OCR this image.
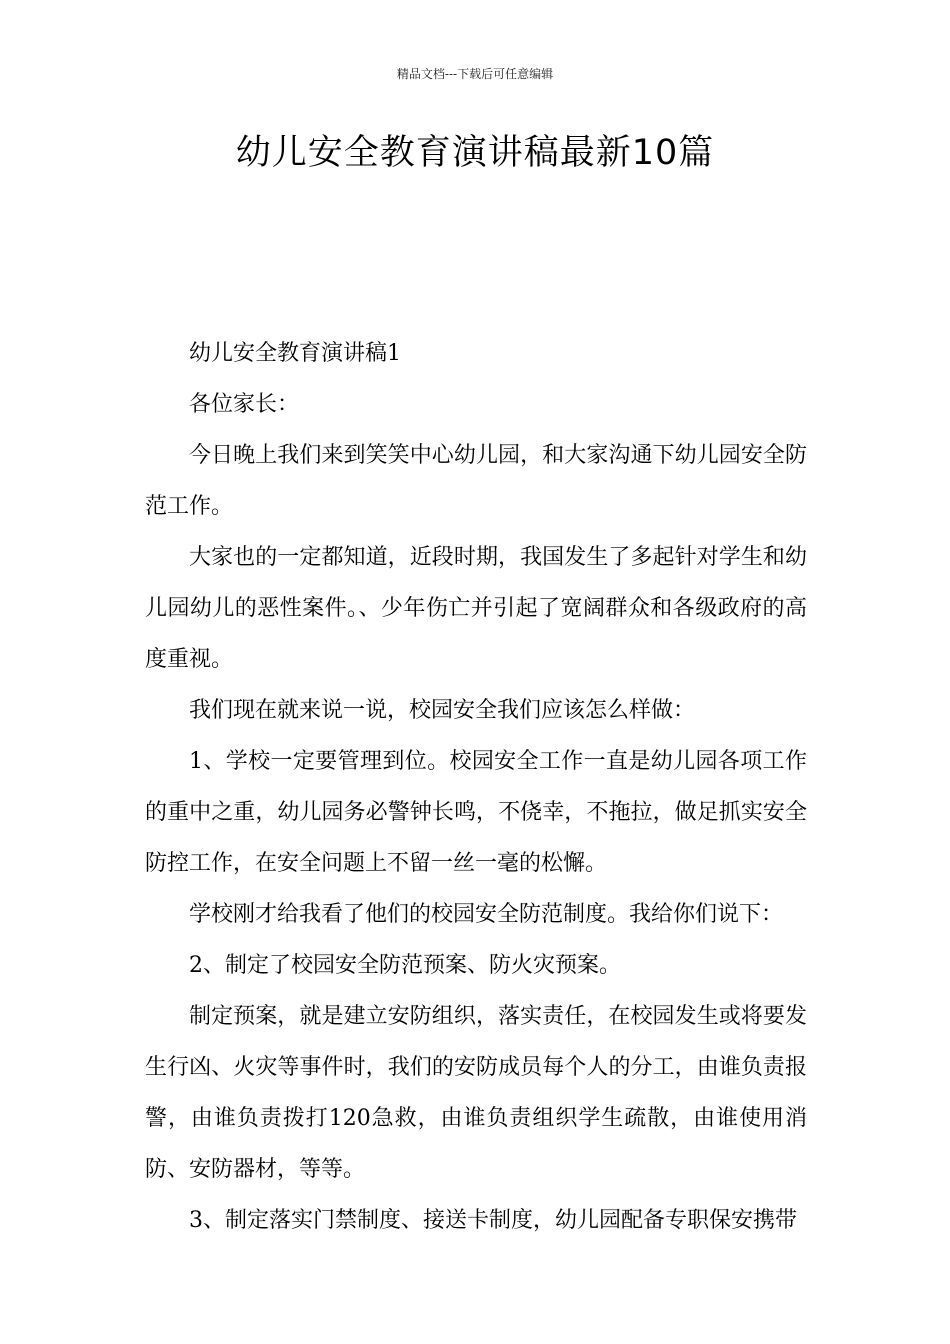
精品文档---下载后可任意编辑
幼儿安全教育演讲稿最新10篇

幼儿安全教育演讲稿1

各位家长：

今日晚上我们来到笑笑中心幼儿园，和大家沟通下幼儿园安全防范工作。

大家也的一定都知道，近段时期，我国发生了多起针对学生和幼儿园幼儿的恶性案件。、少年伤亡并引起了宽阔群众和各级政府的高度重视。

我们现在就来说一说，校园安全我们应该怎么样做：

1、学校一定要管理到位。校园安全工作一直是幼儿园各项工作的重中之重，幼儿园务必警钟长鸣，不侥幸，不拖拉，做足抓实安全防控工作，在安全问题上不留一丝一毫的松懈。

学校刚才给我看了他们的校园安全防范制度。我给你们说下：

2、制定了校园安全防范预案、防火灾预案。

制定预案，就是建立安防组织，落实责任，在校园发生或将要发生行凶、火灾等事件时，我们的安防成员每个人的分工，由谁负责报警，由谁负责拨打120急救，由谁负责组织学生疏散，由谁使用消防、安防器材，等等。

3、制定落实门禁制度、接送卡制度，幼儿园配备专职保安携带
